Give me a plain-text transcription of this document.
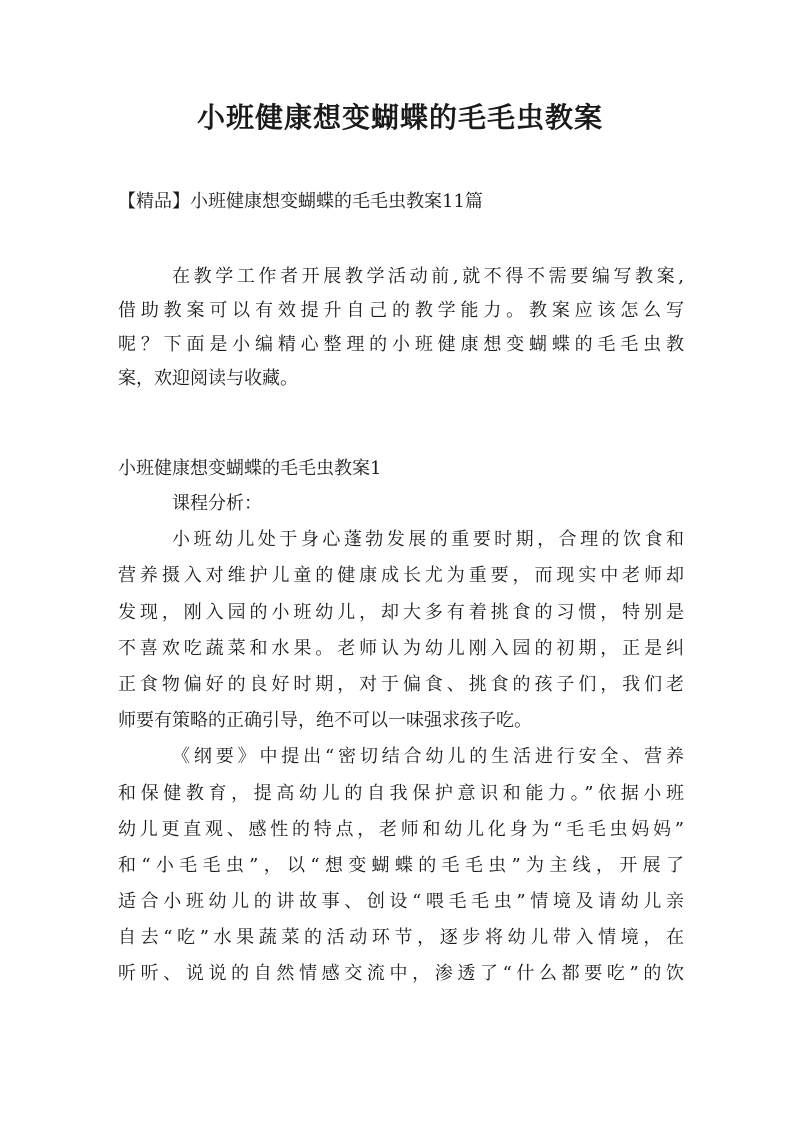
小班健康想变蝴蝶的毛毛虫教案
【精品】小班健康想变蝴蝶的毛毛虫教案11篇
在教学工作者开展教学活动前,就不得不需要编写教案,
借助教案可以有效提升自己的教学能力。教案应该怎么写
呢？下面是小编精心整理的小班健康想变蝴蝶的毛毛虫教
案，欢迎阅读与收藏。
小班健康想变蝴蝶的毛毛虫教案1
课程分析：
小班幼儿处于身心蓬勃发展的重要时期，合理的饮食和
营养摄入对维护儿童的健康成长尤为重要，而现实中老师却
发现，刚入园的小班幼儿，却大多有着挑食的习惯，特别是
不喜欢吃蔬菜和水果。老师认为幼儿刚入园的初期，正是纠
正食物偏好的良好时期，对于偏食、挑食的孩子们，我们老
师要有策略的正确引导，绝不可以一味强求孩子吃。
《纲要》中提出“密切结合幼儿的生活进行安全、营养
和保健教育，提高幼儿的自我保护意识和能力。”依据小班
幼儿更直观、感性的特点，老师和幼儿化身为“毛毛虫妈妈”
和“小毛毛虫”，以“想变蝴蝶的毛毛虫”为主线，开展了
适合小班幼儿的讲故事、创设“喂毛毛虫”情境及请幼儿亲
自去“吃”水果蔬菜的活动环节，逐步将幼儿带入情境，在
听听、说说的自然情感交流中，渗透了“什么都要吃”的饮
